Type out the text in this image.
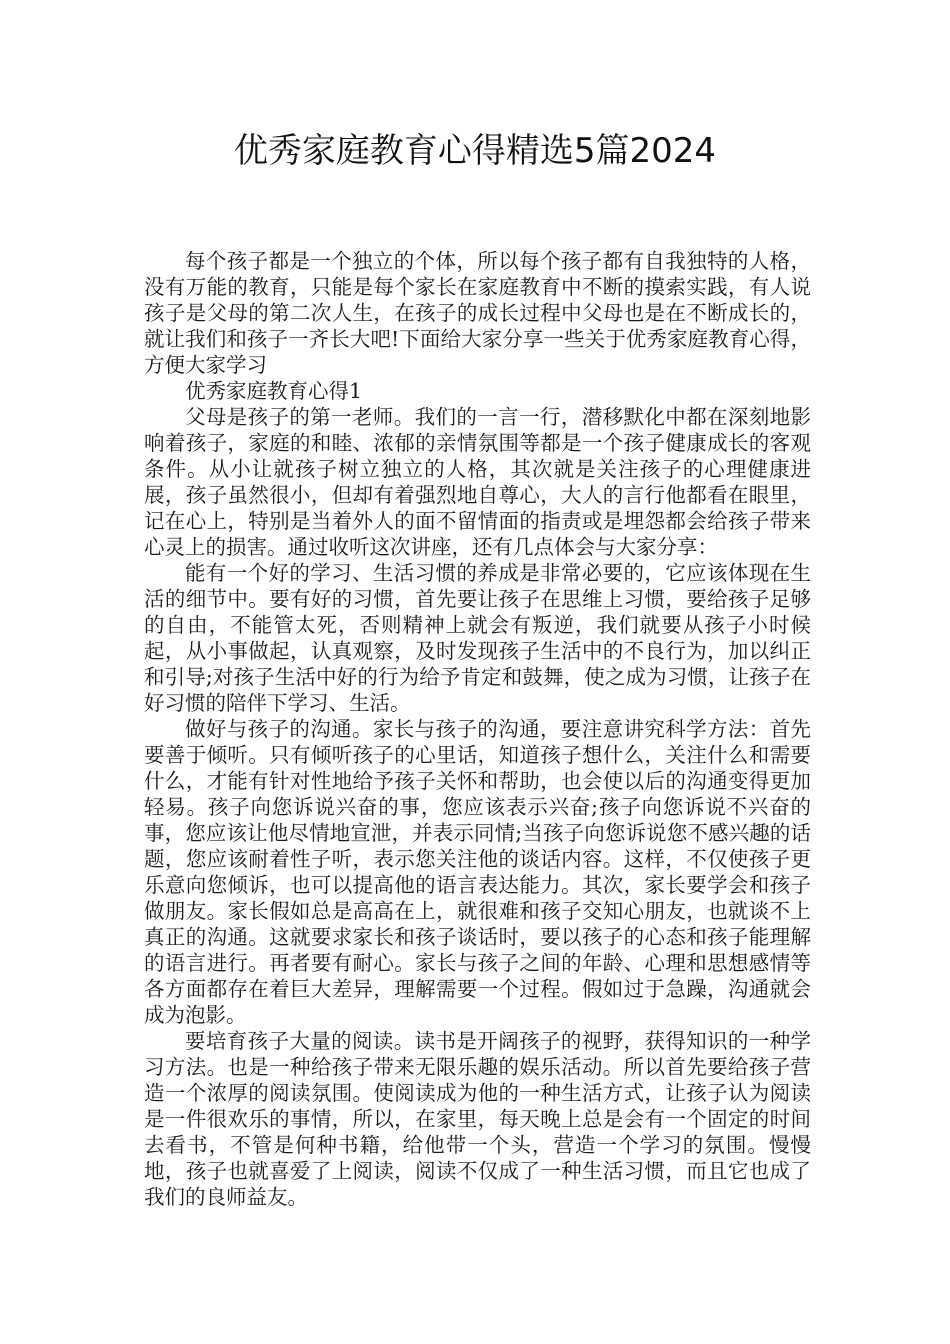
优秀家庭教育心得精选5篇2024

每个孩子都是一个独立的个体，所以每个孩子都有自我独特的人格，没有万能的教育，只能是每个家长在家庭教育中不断的摸索实践，有人说孩子是父母的第二次人生，在孩子的成长过程中父母也是在不断成长的，就让我们和孩子一齐长大吧!下面给大家分享一些关于优秀家庭教育心得，方便大家学习

优秀家庭教育心得1

父母是孩子的第一老师。我们的一言一行，潜移默化中都在深刻地影响着孩子，家庭的和睦、浓郁的亲情氛围等都是一个孩子健康成长的客观条件。从小让就孩子树立独立的人格，其次就是关注孩子的心理健康进展，孩子虽然很小，但却有着强烈地自尊心，大人的言行他都看在眼里，记在心上，特别是当着外人的面不留情面的指责或是埋怨都会给孩子带来心灵上的损害。通过收听这次讲座，还有几点体会与大家分享：

能有一个好的学习、生活习惯的养成是非常必要的，它应该体现在生活的细节中。要有好的习惯，首先要让孩子在思维上习惯，要给孩子足够的自由，不能管太死，否则精神上就会有叛逆，我们就要从孩子小时候起，从小事做起，认真观察，及时发现孩子生活中的不良行为，加以纠正和引导;对孩子生活中好的行为给予肯定和鼓舞，使之成为习惯，让孩子在好习惯的陪伴下学习、生活。

做好与孩子的沟通。家长与孩子的沟通，要注意讲究科学方法：首先要善于倾听。只有倾听孩子的心里话，知道孩子想什么，关注什么和需要什么，才能有针对性地给予孩子关怀和帮助，也会使以后的沟通变得更加轻易。孩子向您诉说兴奋的事，您应该表示兴奋;孩子向您诉说不兴奋的事，您应该让他尽情地宣泄，并表示同情;当孩子向您诉说您不感兴趣的话题，您应该耐着性子听，表示您关注他的谈话内容。这样，不仅使孩子更乐意向您倾诉，也可以提高他的语言表达能力。其次，家长要学会和孩子做朋友。家长假如总是高高在上，就很难和孩子交知心朋友，也就谈不上真正的沟通。这就要求家长和孩子谈话时，要以孩子的心态和孩子能理解的语言进行。再者要有耐心。家长与孩子之间的年龄、心理和思想感情等各方面都存在着巨大差异，理解需要一个过程。假如过于急躁，沟通就会成为泡影。

要培育孩子大量的阅读。读书是开阔孩子的视野，获得知识的一种学习方法。也是一种给孩子带来无限乐趣的娱乐活动。所以首先要给孩子营造一个浓厚的阅读氛围。使阅读成为他的一种生活方式，让孩子认为阅读是一件很欢乐的事情，所以，在家里，每天晚上总是会有一个固定的时间去看书，不管是何种书籍，给他带一个头，营造一个学习的氛围。慢慢地，孩子也就喜爱了上阅读，阅读不仅成了一种生活习惯，而且它也成了我们的良师益友。
